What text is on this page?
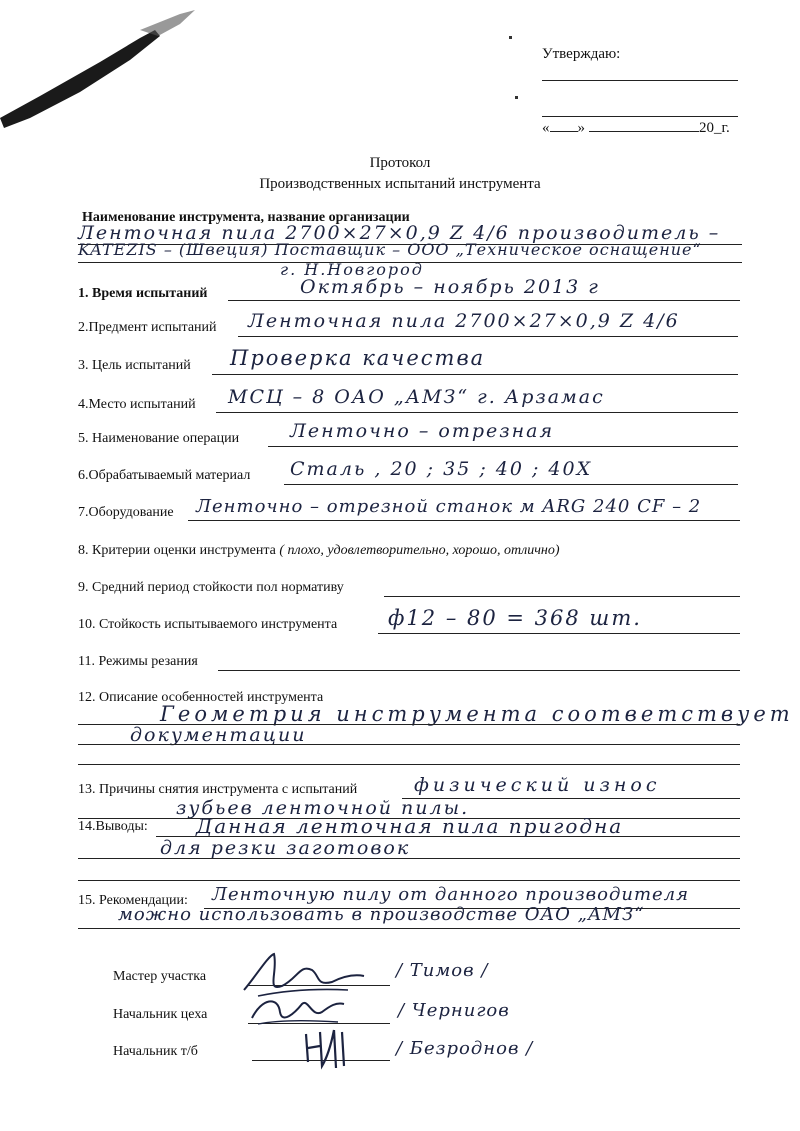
Утверждаю:
« »	20_г.
Протокол
Производственных испытаний инструмента
Наименование инструмента, название организации
Ленточная пила 2700×27×0,9 Z 4/6 производитель –
KATEZIS – (Швеция) Поставщик – ООО „Техническое оснащение“
г. Н.Новгород
1. Время испытаний	Октябрь – ноябрь 2013 г
2.Предмент испытаний Ленточная пила 2700×27×0,9 Z 4/6
3. Цель испытаний Проверка качества
4.Место испытаний МСЦ – 8 ОАО „АМЗ“ г. Арзамас
5. Наименование операции	Ленточно – отрезная
6.Обрабатываемый материал Сталь , 20 ; 35 ; 40 ; 40Х
7.Оборудование Ленточно – отрезной станок м ARG 240 CF – 2
8. Критерии оценки инструмента ( плохо, удовлетворительно, хорошо, отлично)
9. Средний период стойкости пол нормативу
10. Стойкость испытываемого инструмента ф12 – 80 = 368 шт.
11. Режимы резания
12. Описание особенностей инструмента
Геометрия инструмента соответствует
документации
13. Причины снятия инструмента с испытаний	физический износ
зубьев ленточной пилы.
14.Выводы: Данная ленточная пила пригодна
для резки заготовок
15. Рекомендации: Ленточную пилу от данного производителя
можно использовать в производстве ОАО „АМЗ“
Мастер участка	/ Тимов /
Начальник цеха	/ Чернигов
Начальник т/б	/ Безроднов /
